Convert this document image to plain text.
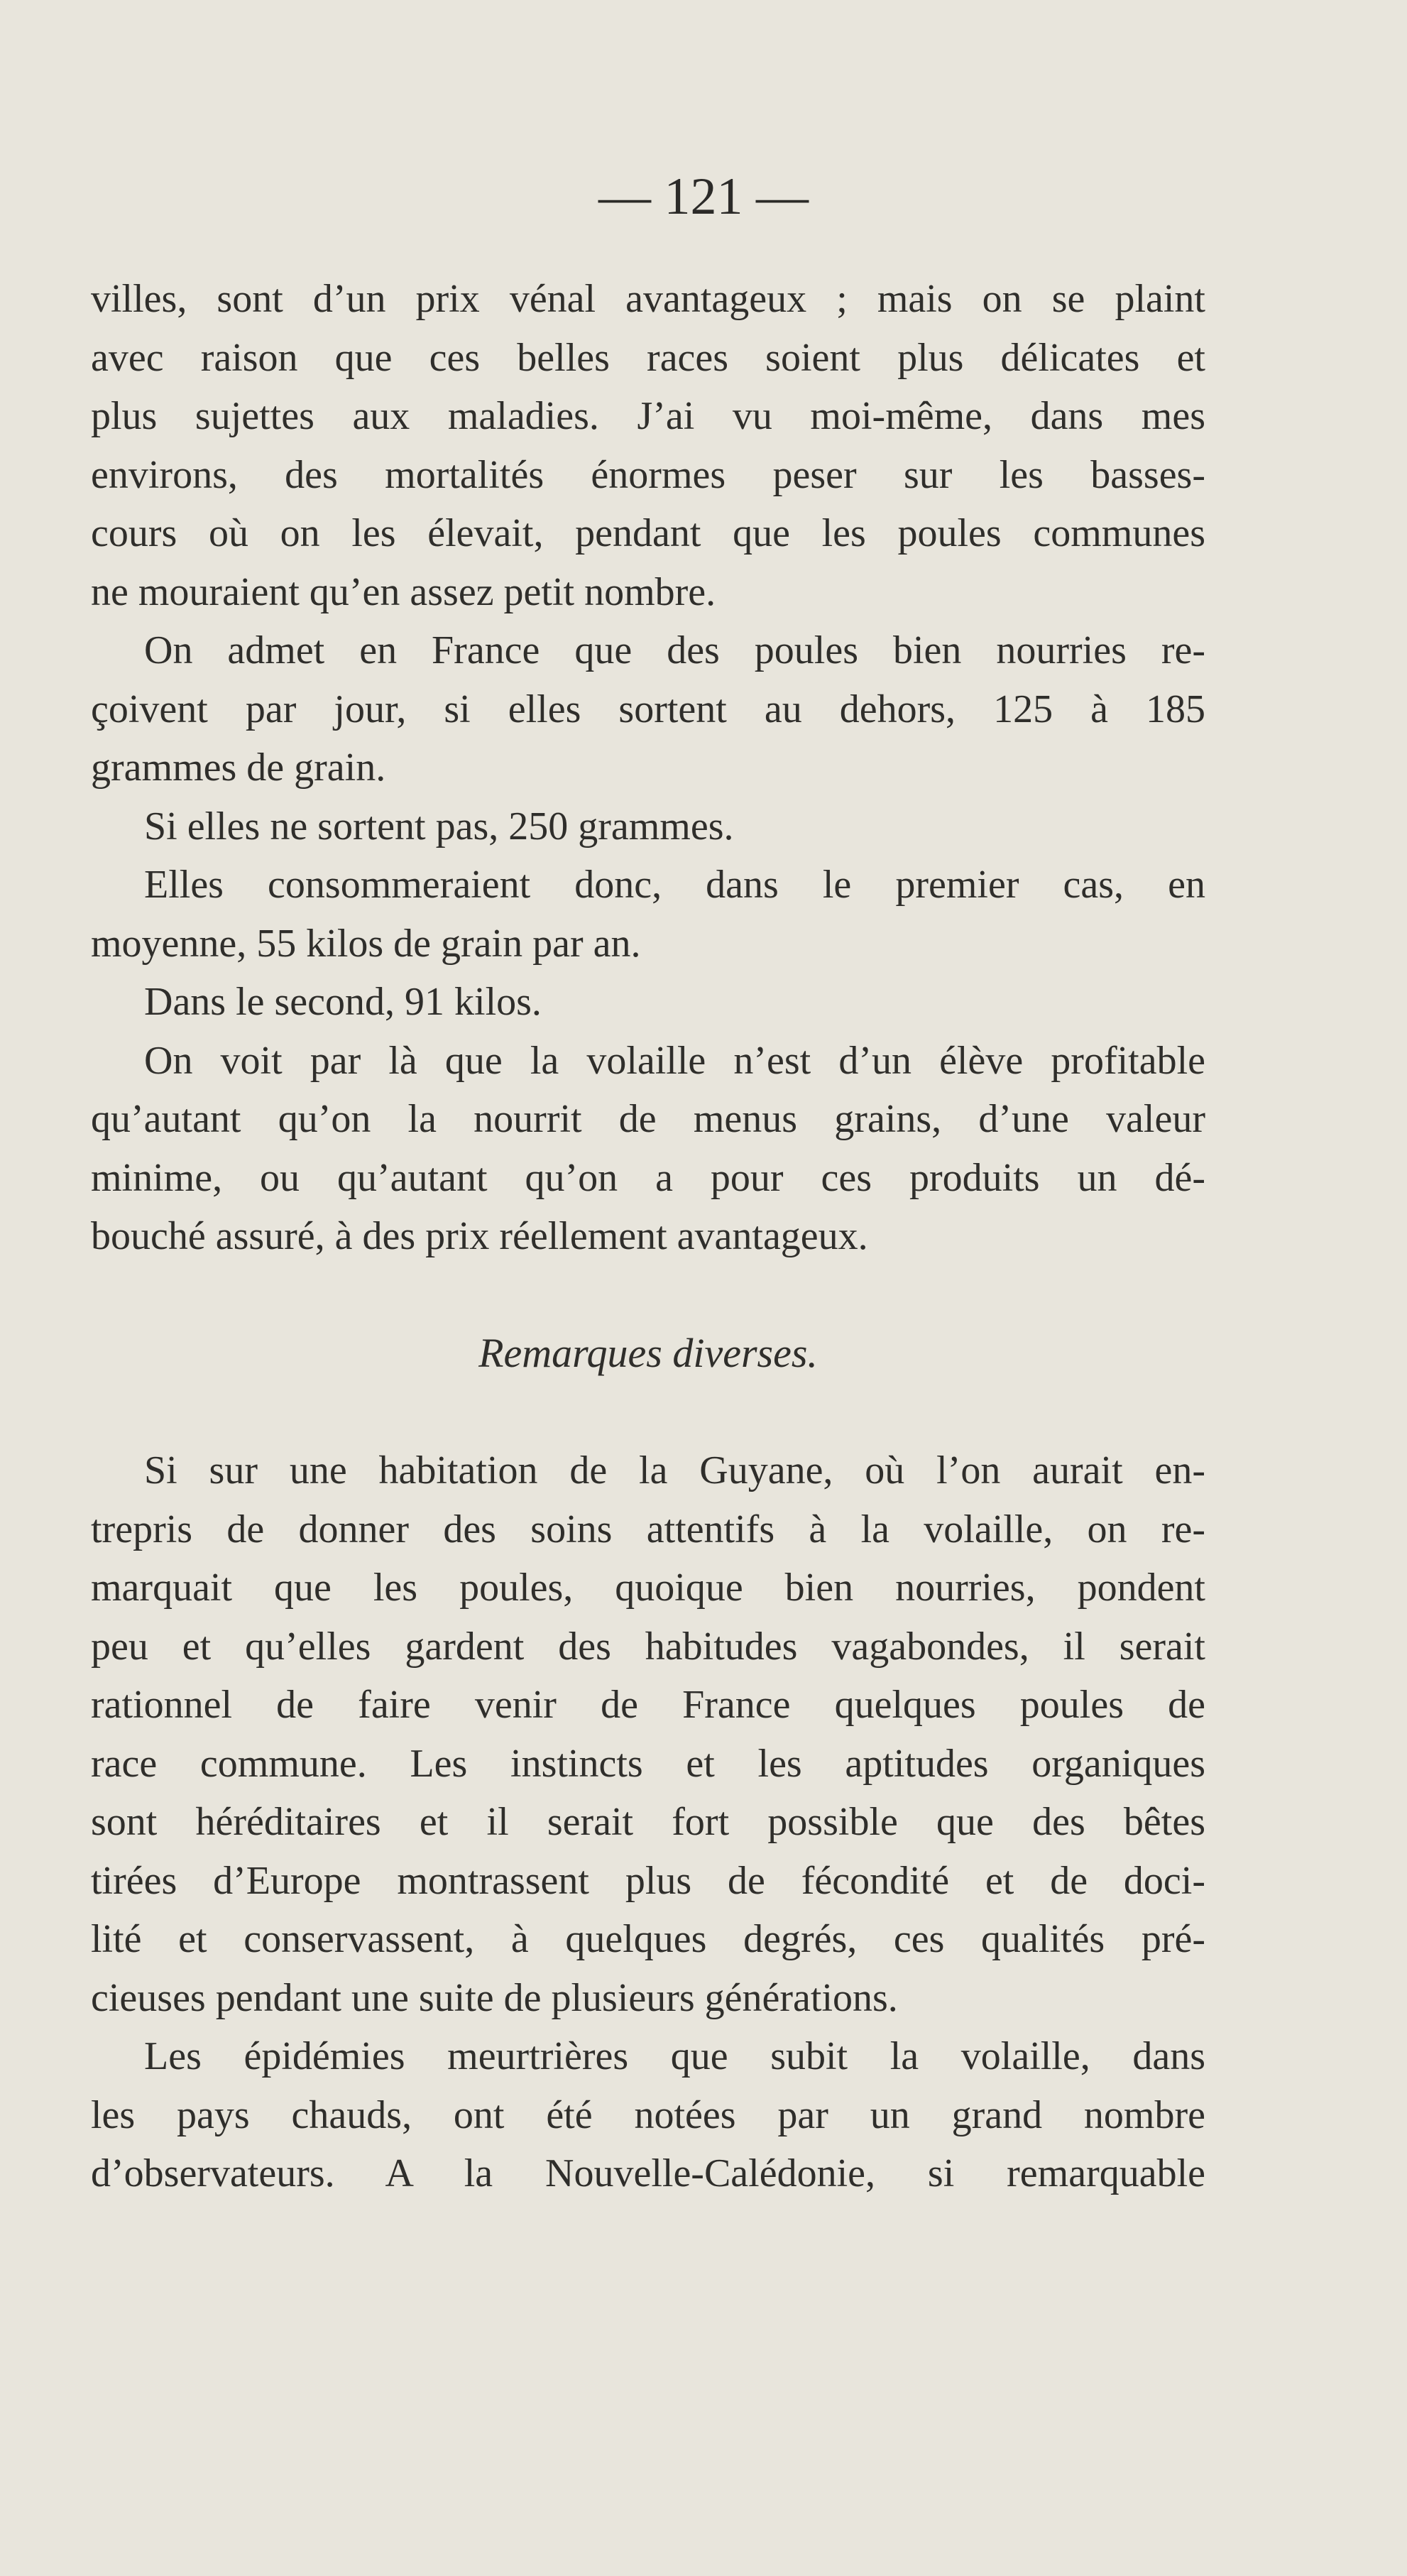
— 121 —
villes, sont d’un prix vénal avantageux ; mais on se plaint
avec raison que ces belles races soient plus délicates et
plus sujettes aux maladies. J’ai vu moi-même, dans mes
environs, des mortalités énormes peser sur les basses-
cours où on les élevait, pendant que les poules communes
ne mouraient qu’en assez petit nombre.
On admet en France que des poules bien nourries re-
çoivent par jour, si elles sortent au dehors, 125 à 185
grammes de grain.
Si elles ne sortent pas, 250 grammes.
Elles consommeraient donc, dans le premier cas, en
moyenne, 55 kilos de grain par an.
Dans le second, 91 kilos.
On voit par là que la volaille n’est d’un élève profitable
qu’autant qu’on la nourrit de menus grains, d’une valeur
minime, ou qu’autant qu’on a pour ces produits un dé-
bouché assuré, à des prix réellement avantageux.
Remarques diverses.
Si sur une habitation de la Guyane, où l’on aurait en-
trepris de donner des soins attentifs à la volaille, on re-
marquait que les poules, quoique bien nourries, pondent
peu et qu’elles gardent des habitudes vagabondes, il serait
rationnel de faire venir de France quelques poules de
race commune. Les instincts et les aptitudes organiques
sont héréditaires et il serait fort possible que des bêtes
tirées d’Europe montrassent plus de fécondité et de doci-
lité et conservassent, à quelques degrés, ces qualités pré-
cieuses pendant une suite de plusieurs générations.
Les épidémies meurtrières que subit la volaille, dans
les pays chauds, ont été notées par un grand nombre
d’observateurs. A la Nouvelle-Calédonie, si remarquable
